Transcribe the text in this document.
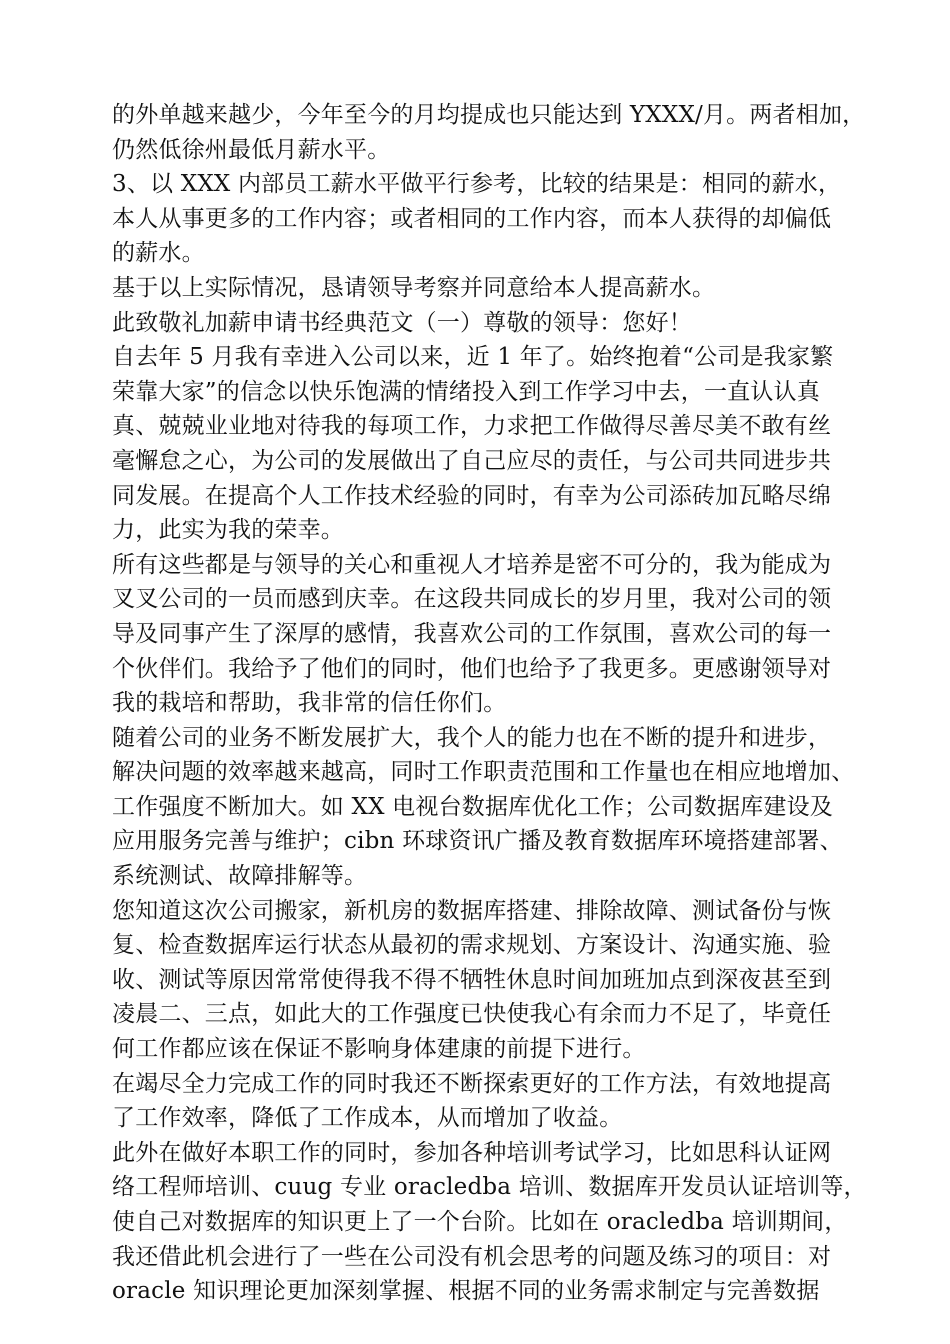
的外单越来越少，今年至今的月均提成也只能达到 YXXX/月。两者相加，
仍然低徐州最低月薪水平。
3、以 XXX 内部员工薪水平做平行参考，比较的结果是：相同的薪水，
本人从事更多的工作内容；或者相同的工作内容，而本人获得的却偏低
的薪水。
基于以上实际情况，恳请领导考察并同意给本人提高薪水。
此致敬礼加薪申请书经典范文（一）尊敬的领导：您好！
自去年 5 月我有幸进入公司以来，近 1 年了。始终抱着“公司是我家繁
荣靠大家”的信念以快乐饱满的情绪投入到工作学习中去，一直认认真
真、兢兢业业地对待我的每项工作，力求把工作做得尽善尽美不敢有丝
毫懈怠之心，为公司的发展做出了自己应尽的责任，与公司共同进步共
同发展。在提高个人工作技术经验的同时，有幸为公司添砖加瓦略尽绵
力，此实为我的荣幸。
所有这些都是与领导的关心和重视人才培养是密不可分的，我为能成为
叉叉公司的一员而感到庆幸。在这段共同成长的岁月里，我对公司的领
导及同事产生了深厚的感情，我喜欢公司的工作氛围，喜欢公司的每一
个伙伴们。我给予了他们的同时，他们也给予了我更多。更感谢领导对
我的栽培和帮助，我非常的信任你们。
随着公司的业务不断发展扩大，我个人的能力也在不断的提升和进步，
解决问题的效率越来越高，同时工作职责范围和工作量也在相应地增加、
工作强度不断加大。如 XX 电视台数据库优化工作；公司数据库建设及
应用服务完善与维护；cibn 环球资讯广播及教育数据库环境搭建部署、
系统测试、故障排解等。
您知道这次公司搬家，新机房的数据库搭建、排除故障、测试备份与恢
复、检查数据库运行状态从最初的需求规划、方案设计、沟通实施、验
收、测试等原因常常使得我不得不牺牲休息时间加班加点到深夜甚至到
凌晨二、三点，如此大的工作强度已快使我心有余而力不足了，毕竟任
何工作都应该在保证不影响身体建康的前提下进行。
在竭尽全力完成工作的同时我还不断探索更好的工作方法，有效地提高
了工作效率，降低了工作成本，从而增加了收益。
此外在做好本职工作的同时，参加各种培训考试学习，比如思科认证网
络工程师培训、cuug 专业 oracledba 培训、数据库开发员认证培训等，
使自己对数据库的知识更上了一个台阶。比如在 oracledba 培训期间，
我还借此机会进行了一些在公司没有机会思考的问题及练习的项目：对
oracle 知识理论更加深刻掌握、根据不同的业务需求制定与完善数据
